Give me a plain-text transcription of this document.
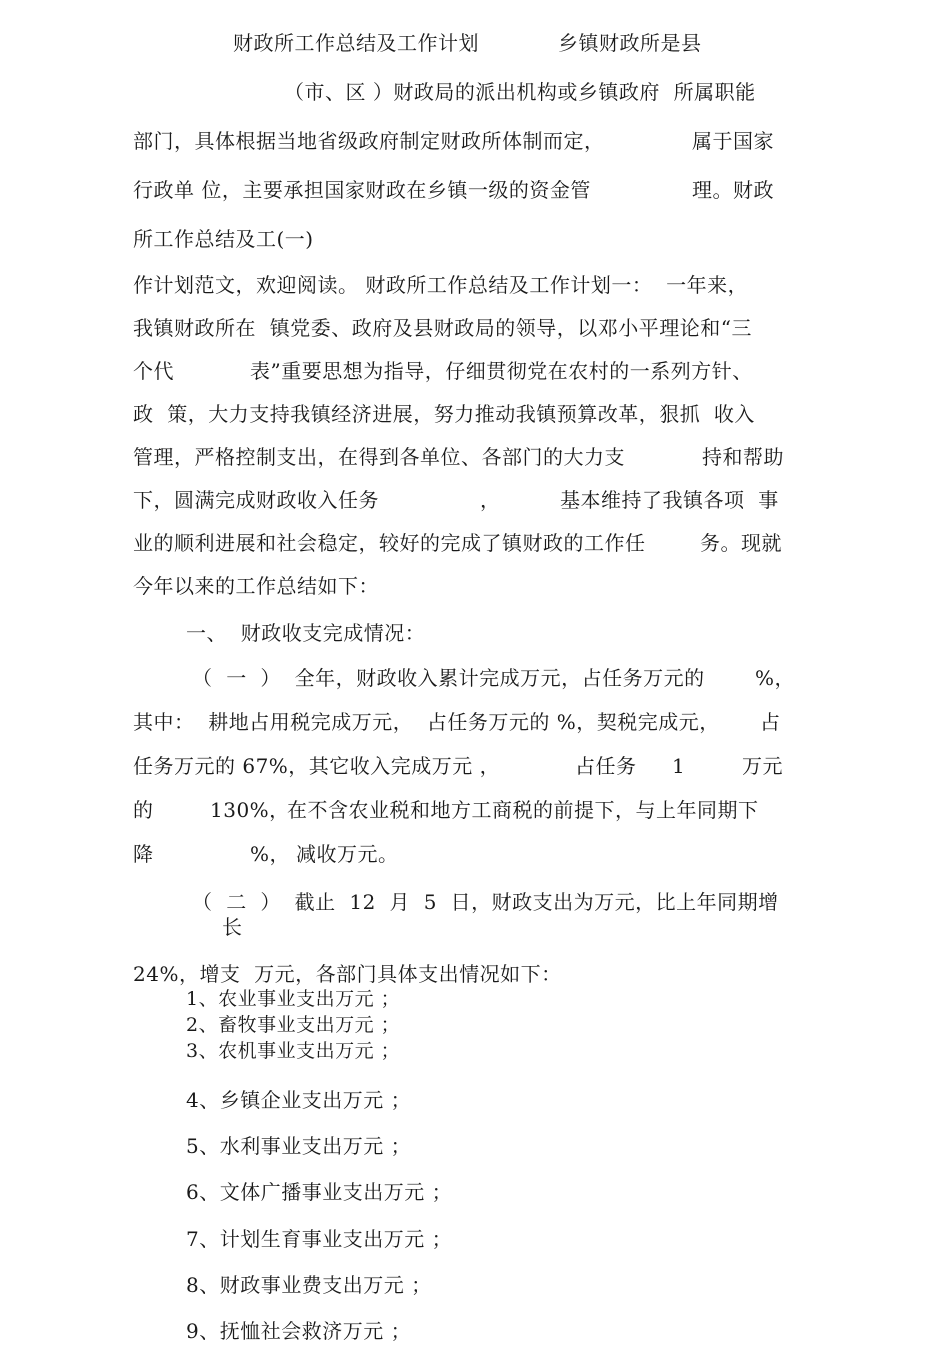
财政所工作总结及工作计划	乡镇财政所是县
（市、区 ）财政局的派出机构或乡镇政府  所属职能
部门，具体根据当地省级政府制定财政所体制而定，	属于国家
行政单 位，主要承担国家财政在乡镇一级的资金管	理。财政
所工作总结及工(一)
作计划范文，欢迎阅读。 财政所工作总结及工作计划一：  一年来，
我镇财政所在  镇党委、政府及县财政局的领导，以邓小平理论和“三
个代	表”重要思想为指导，仔细贯彻党在农村的一系列方针、
政  策，大力支持我镇经济进展，努力推动我镇预算改革，狠抓  收入
管理，严格控制支出，在得到各单位、各部门的大力支	持和帮助
下，圆满完成财政收入任务	，	基本维持了我镇各项  事
业的顺利进展和社会稳定，较好的完成了镇财政的工作任	务。现就
今年以来的工作总结如下：
一、  财政收支完成情况：
（  一  ）  全年，财政收入累计完成万元，占任务万元的	%，
其中：  耕地占用税完成万元，  占任务万元的 %，契税完成元， 占
任务万元的 67%，其它收入完成万元 ，	占任务 1	万元
的	130%，
在不含农业税和地方工商税的前提下，与上年同期下
降	%， 减收万元。
（  二  ）  截止  12  月  5  日，财政支出为万元，比上年同期增
长
24%，增支  万元，各部门具体支出情况如下：
1、农业事业支出万元 ；
2、畜牧事业支出万元 ；
3、农机事业支出万元 ；
4、乡镇企业支出万元 ；
5、水利事业支出万元 ；
6、文体广播事业支出万元 ；
7、计划生育事业支出万元 ；
8、财政事业费支出万元 ；
9、抚恤社会救济万元 ；
